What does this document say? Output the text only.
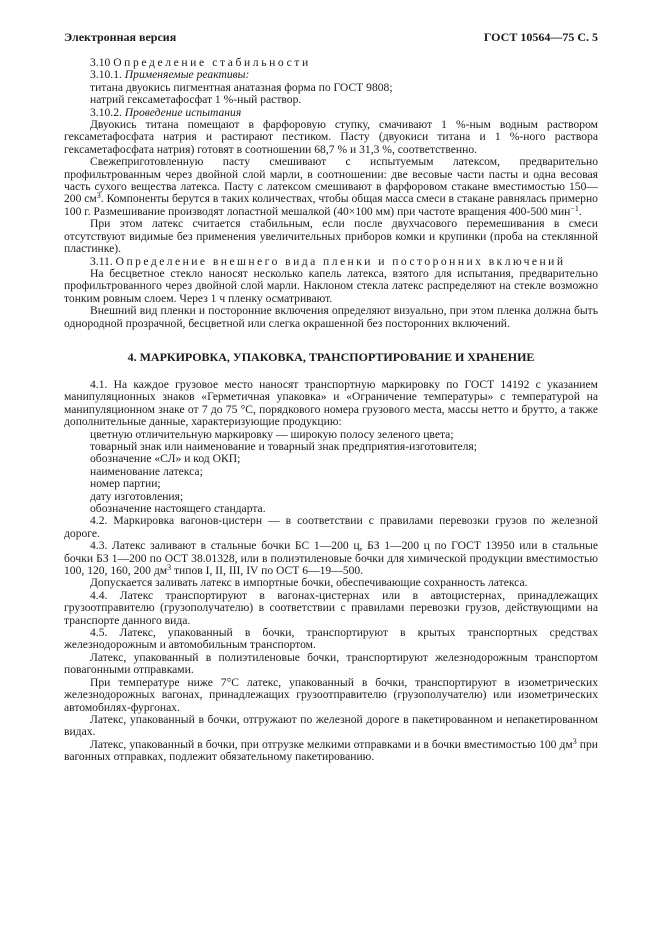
Электронная версия	ГОСТ 10564—75 С. 5

3.10 Определение стабильности

3.10.1. Применяемые реактивы:

титана двуокись пигментная анатазная форма по ГОСТ 9808;

натрий гексаметафосфат 1 %-ный раствор.

3.10.2. Проведение испытания

Двуокись титана помещают в фарфоровую ступку, смачивают 1 %-ным водным раствором гексаметафосфата натрия и растирают пестиком. Пасту (двуокиси титана и 1 %-ного раствора гексаметафосфата натрия) готовят в соотношении 68,7 % и 31,3 %, соответственно.

Свежеприготовленную пасту смешивают с испытуемым латексом, предварительно профильтрованным через двойной слой марли, в соотношении: две весовые части пасты и одна весовая часть сухого вещества латекса. Пасту с латексом смешивают в фарфоровом стакане вместимостью 150—200 $см^3$. Компоненты берутся в таких количествах, чтобы общая масса смеси в стакане равнялась примерно 100 г. Размешивание производят лопастной мешалкой (40×100 мм) при частоте вращения 400-500 мин$^{-1}$.

При этом латекс считается стабильным, если после двухчасового перемешивания в смеси отсутствуют видимые без применения увеличительных приборов комки и крупинки (проба на стеклянной пластинке).

3.11. Определение внешнего вида пленки и посторонних включений

На бесцветное стекло наносят несколько капель латекса, взятого для испытания, предварительно профильтрованного через двойной слой марли. Наклоном стекла латекс распределяют на стекле возможно тонким ровным слоем. Через 1 ч пленку осматривают.

Внешний вид пленки и посторонние включения определяют визуально, при этом пленка должна быть однородной прозрачной, бесцветной или слегка окрашенной без посторонних включений.

4. МАРКИРОВКА, УПАКОВКА, ТРАНСПОРТИРОВАНИЕ И ХРАНЕНИЕ

4.1. На каждое грузовое место наносят транспортную маркировку по ГОСТ 14192 с указанием манипуляционных знаков «Герметичная упаковка» и «Ограничение температуры» с температурой на манипуляционном знаке от 7 до 75 °С, порядкового номера грузового места, массы нетто и брутто, а также дополнительные данные, характеризующие продукцию:

цветную отличительную маркировку — широкую полосу зеленого цвета;

товарный знак или наименование и товарный знак предприятия-изготовителя;

обозначение «СЛ» и код ОКП;

наименование латекса;

номер партии;

дату изготовления;

обозначение настоящего стандарта.

4.2. Маркировка вагонов-цистерн — в соответствии с правилами перевозки грузов по железной дороге.

4.3. Латекс заливают в стальные бочки БС 1—200 ц, БЗ 1—200 ц по ГОСТ 13950 или в стальные бочки БЗ 1—200 по ОСТ 38.01328, или в полиэтиленовые бочки для химической продукции вместимостью 100, 120, 160, 200 $дм^3$ типов I, II, III, IV по ОСТ 6—19—500.

Допускается заливать латекс в импортные бочки, обеспечивающие сохранность латекса.

4.4. Латекс транспортируют в вагонах-цистернах или в автоцистернах, принадлежащих грузоотправителю (грузополучателю) в соответствии с правилами перевозки грузов, действующими на транспорте данного вида.

4.5. Латекс, упакованный в бочки, транспортируют в крытых транспортных средствах железнодорожным и автомобильным транспортом.

Латекс, упакованный в полиэтиленовые бочки, транспортируют железнодорожным транспортом повагонными отправками.

При температуре ниже 7°С латекс, упакованный в бочки, транспортируют в изометрических железнодорожных вагонах, принадлежащих грузоотправителю (грузополучателю) или изометрических автомобилях-фургонах.

Латекс, упакованный в бочки, отгружают по железной дороге в пакетированном и непакетированном видах.

Латекс, упакованный в бочки, при отгрузке мелкими отправками и в бочки вместимостью 100 $дм^3$ при вагонных отправках, подлежит обязательному пакетированию.
